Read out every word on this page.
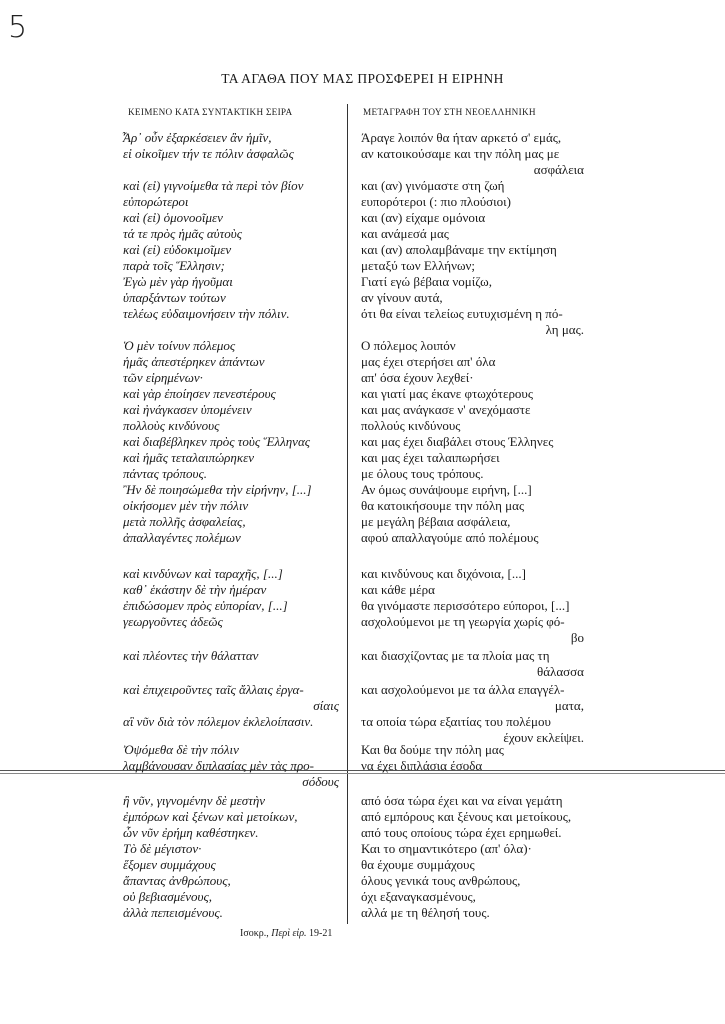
5
ΤΑ ΑΓΑΘΑ ΠΟΥ ΜΑΣ ΠΡΟΣΦΕΡΕΙ Η ΕΙΡΗΝΗ
ΚΕΙΜΕΝΟ ΚΑΤΑ ΣΥΝΤΑΚΤΙΚΗ ΣΕΙΡΑ	ΜΕΤΑΓΡΑΦΗ ΤΟΥ ΣΤΗ ΝΕΟΕΛΛΗΝΙΚΗ
Ἆρ᾽ οὖν ἐξαρκέσειεν ἂν ἡμῖν,
εἰ οἰκοῖμεν τήν τε πόλιν ἀσφαλῶς
καὶ (εἰ) γιγνοίμεθα τὰ περὶ τὸν βίον
εὐπορώτεροι
καὶ (εἰ) ὁμονοοῖμεν
τά τε πρὸς ἡμᾶς αὐτοὺς
καὶ (εἰ) εὐδοκιμοῖμεν
παρὰ τοῖς Ἕλλησιν;
Ἐγὼ μὲν γὰρ ἡγοῦμαι
ὑπαρξάντων τούτων
τελέως εὐδαιμονήσειν τὴν πόλιν.
Ὁ μὲν τοίνυν πόλεμος
ἡμᾶς ἀπεστέρηκεν ἁπάντων
τῶν εἰρημένων·
καὶ γὰρ ἐποίησεν πενεστέρους
καὶ ἠνάγκασεν ὑπομένειν
πολλοὺς κινδύνους
καὶ διαβέβληκεν πρὸς τοὺς Ἕλληνας
καὶ ἡμᾶς τεταλαιπώρηκεν
πάντας τρόπους.
Ἢν δὲ ποιησώμεθα τὴν εἰρήνην, [...]
οἰκήσομεν μὲν τὴν πόλιν
μετὰ πολλῆς ἀσφαλείας,
ἀπαλλαγέντες πολέμων
καὶ κινδύνων καὶ ταραχῆς, [...]
καθ᾽ ἑκάστην δὲ τὴν ἡμέραν
ἐπιδώσομεν πρὸς εὐπορίαν, [...]
γεωργοῦντες ἀδεῶς
καὶ πλέοντες τὴν θάλατταν
καὶ ἐπιχειροῦντες ταῖς ἄλλαις ἐργα-
σίαις
αἳ νῦν διὰ τὸν πόλεμον ἐκλελοίπασιν.
Ὀψόμεθα δὲ τὴν πόλιν
λαμβάνουσαν διπλασίας μὲν τὰς προ-
σόδους
ἢ νῦν, γιγνομένην δὲ μεστὴν
ἐμπόρων καὶ ξένων καὶ μετοίκων,
ὧν νῦν ἐρήμη καθέστηκεν.
Τὸ δὲ μέγιστον·
ἕξομεν συμμάχους
ἅπαντας ἀνθρώπους,
οὐ βεβιασμένους,
ἀλλὰ πεπεισμένους.
Άραγε λοιπόν θα ήταν αρκετό σ' εμάς,
αν κατοικούσαμε και την πόλη μας με
ασφάλεια
και (αν) γινόμαστε στη ζωή
ευπορότεροι (: πιο πλούσιοι)
και (αν) είχαμε ομόνοια
και ανάμεσά μας
και (αν) απολαμβάναμε την εκτίμηση
μεταξύ των Ελλήνων;
Γιατί εγώ βέβαια νομίζω,
αν γίνουν αυτά,
ότι θα είναι τελείως ευτυχισμένη η πό-
λη μας.
Ο πόλεμος λοιπόν
μας έχει στερήσει απ' όλα
απ' όσα έχουν λεχθεί·
και γιατί μας έκανε φτωχότερους
και μας ανάγκασε ν' ανεχόμαστε
πολλούς κινδύνους
και μας έχει διαβάλει στους Έλληνες
και μας έχει ταλαιπωρήσει
με όλους τους τρόπους.
Αν όμως συνάψουμε ειρήνη, [...]
θα κατοικήσουμε την πόλη μας
με μεγάλη βέβαια ασφάλεια,
αφού απαλλαγούμε από πολέμους
και κινδύνους και διχόνοια, [...]
και κάθε μέρα
θα γινόμαστε περισσότερο εύποροι, [...]
ασχολούμενοι με τη γεωργία χωρίς φό-
βο
και διασχίζοντας με τα πλοία μας τη
θάλασσα
και ασχολούμενοι με τα άλλα επαγγέλ-
ματα,
τα οποία τώρα εξαιτίας του πολέμου
έχουν εκλείψει.
Και θα δούμε την πόλη μας
να έχει διπλάσια έσοδα
από όσα τώρα έχει και να είναι γεμάτη
από εμπόρους και ξένους και μετοίκους,
από τους οποίους τώρα έχει ερημωθεί.
Και το σημαντικότερο (απ' όλα)·
θα έχουμε συμμάχους
όλους γενικά τους ανθρώπους,
όχι εξαναγκασμένους,
αλλά με τη θέλησή τους.
Ισοκρ., Περὶ εἰρ. 19-21
